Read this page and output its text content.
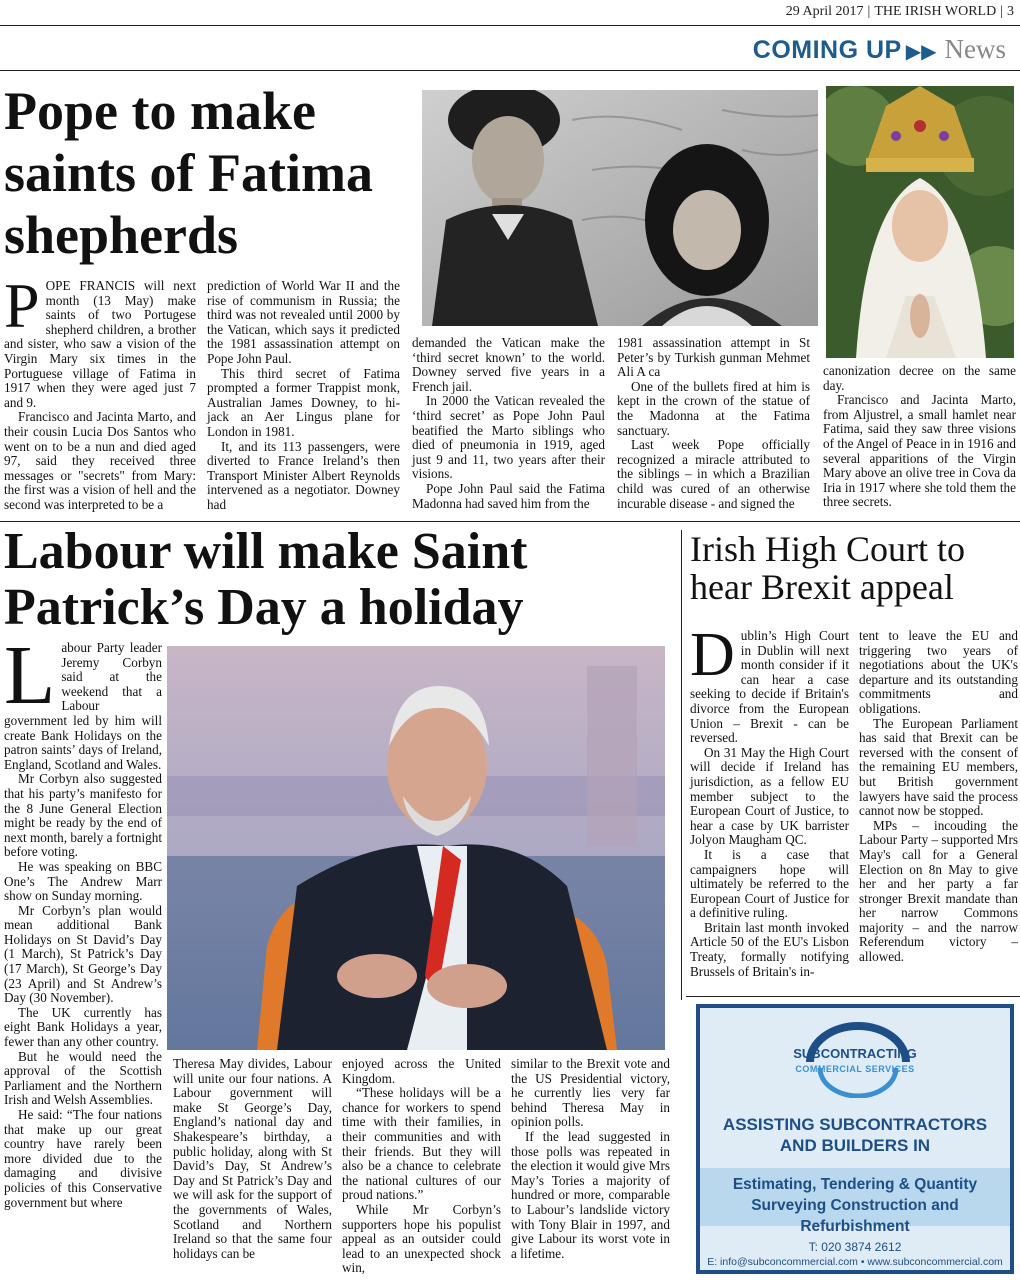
29 April 2017 | THE IRISH WORLD | 3
COMING UP ▶▶ News
Pope to make saints of Fatima shepherds

POPE FRANCIS will next month (13 May) make saints of two Portugese shepherd children, a brother and sister, who saw a vision of the Virgin Mary six times in the Portuguese village of Fatima in 1917 when they were aged just 7 and 9.

Francisco and Jacinta Marto, and their cousin Lucia Dos Santos who went on to be a nun and died aged 97, said they received three messages or "secrets" from Mary: the first was a vision of hell and the second was interpreted to be a

prediction of World War II and the rise of communism in Russia; the third was not revealed until 2000 by the Vatican, which says it predicted the 1981 assassination attempt on Pope John Paul.

This third secret of Fatima prompted a former Trappist monk, Australian James Downey, to hi-jack an Aer Lingus plane for London in 1981.

It, and its 113 passengers, were diverted to France Ireland’s then Transport Minister Albert Reynolds intervened as a negotiator. Downey had

demanded the Vatican make the ‘third secret known’ to the world. Downey served five years in a French jail.

In 2000 the Vatican revealed the ‘third secret’ as Pope John Paul beatified the Marto siblings who died of pneumonia in 1919, aged just 9 and 11, two years after their visions.

Pope John Paul said the Fatima Madonna had saved him from the

1981 assassination attempt in St Peter’s by Turkish gunman Mehmet Ali A ca

One of the bullets fired at him is kept in the crown of the statue of the Madonna at the Fatima sanctuary.

Last week Pope officially recognized a miracle attributed to the siblings – in which a Brazilian child was cured of an otherwise incurable disease - and signed the

canonization decree on the same day.

Francisco and Jacinta Marto, from Aljustrel, a small hamlet near Fatima, said they saw three visions of the Angel of Peace in in 1916 and several apparitions of the Virgin Mary above an olive tree in Cova da Iria in 1917 where she told them the three secrets.

Labour will make Saint Patrick’s Day a holiday

Labour Party leader Jeremy Corbyn said at the weekend that a Labour government led by him will create Bank Holidays on the patron saints’ days of Ireland, England, Scotland and Wales.

Mr Corbyn also suggested that his party’s manifesto for the 8 June General Election might be ready by the end of next month, barely a fortnight before voting.

He was speaking on BBC One’s The Andrew Marr show on Sunday morning.

Mr Corbyn’s plan would mean additional Bank Holidays on St David’s Day (1 March), St Patrick’s Day (17 March), St George’s Day (23 April) and St Andrew’s Day (30 November).

The UK currently has eight Bank Holidays a year, fewer than any other country.

But he would need the approval of the Scottish Parliament and the Northern Irish and Welsh Assemblies.

He said: “The four nations that make up our great country have rarely been more divided due to the damaging and divisive policies of this Conservative government but where

Theresa May divides, Labour will unite our four nations. A Labour government will make St George’s Day, England’s national day and Shakespeare’s birthday, a public holiday, along with St David’s Day, St Andrew’s Day and St Patrick’s Day and we will ask for the support of the governments of Wales, Scotland and Northern Ireland so that the same four holidays can be

enjoyed across the United Kingdom.

“These holidays will be a chance for workers to spend time with their families, in their communities and with their friends. But they will also be a chance to celebrate the national cultures of our proud nations.”

While Mr Corbyn’s supporters hope his populist appeal as an outsider could lead to an unexpected shock win,

similar to the Brexit vote and the US Presidential victory, he currently lies very far behind Theresa May in opinion polls.

If the lead suggested in those polls was repeated in the election it would give Mrs May’s Tories a majority of hundred or more, comparable to Labour’s landslide victory with Tony Blair in 1997, and give Labour its worst vote in a lifetime.

Irish High Court to hear Brexit appeal

Dublin’s High Court in Dublin will next month consider if it can hear a case seeking to decide if Britain's divorce from the European Union – Brexit - can be reversed.

On 31 May the High Court will decide if Ireland has jurisdiction, as a fellow EU member subject to the European Court of Justice, to hear a case by UK barrister Jolyon Maugham QC.

It is a case that campaigners hope will ultimately be referred to the European Court of Justice for a definitive ruling.

Britain last month invoked Article 50 of the EU's Lisbon Treaty, formally notifying Brussels of Britain's in-

tent to leave the EU and triggering two years of negotiations about the UK's departure and its outstanding commitments and obligations.

The European Parliament has said that Brexit can be reversed with the consent of the remaining EU members, but British government lawyers have said the process cannot now be stopped.

MPs – incouding the Labour Party – supported Mrs May's call for a General Election on 8n May to give her and her party a far stronger Brexit mandate than her narrow Commons majority – and the narrow Referendum victory – allowed.

SUBCONTRACTING
COMMERCIAL SERVICES
ASSISTING SUBCONTRACTORS AND BUILDERS IN
Estimating, Tendering & Quantity Surveying Construction and Refurbishment
T: 020 3874 2612
E: info@subconcommercial.com • www.subconcommercial.com
